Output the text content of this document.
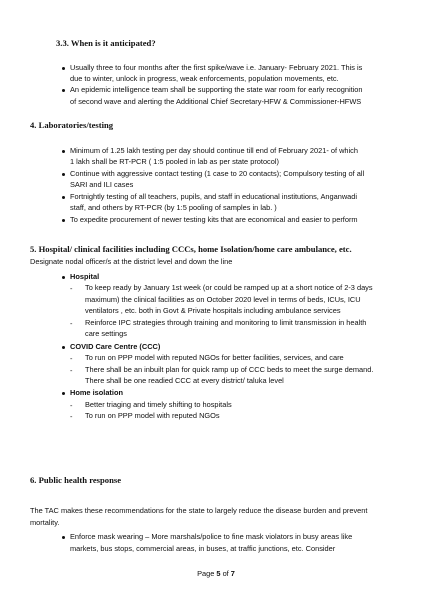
3.3. When is it anticipated?
Usually three to four months after the first spike/wave i.e. January- February 2021. This is
due to winter, unlock in progress, weak enforcements, population movements, etc.
An epidemic intelligence team shall be supporting the state war room for early recognition
of second wave and alerting the Additional Chief Secretary-HFW & Commissioner-HFWS
4. Laboratories/testing
Minimum of 1.25 lakh testing per day should continue till end of February 2021- of which
1 lakh shall be RT-PCR ( 1:5 pooled in lab as per state protocol)
Continue with aggressive contact testing (1 case to 20 contacts); Compulsory testing of all
SARI and ILI cases
Fortnightly testing of all teachers, pupils, and staff in educational institutions, Anganwadi
staff, and others by RT-PCR (by 1:5 pooling of samples in lab. )
To expedite procurement of newer testing kits that are economical and easier to perform
5. Hospital/ clinical facilities including CCCs, home Isolation/home care ambulance, etc.
Designate nodal officer/s at the district level and down the line
Hospital
- To keep ready by January 1st week (or could be ramped up at a short notice of 2-3 days
maximum) the clinical facilities as on October 2020 level in terms of beds, ICUs, ICU
ventilators , etc. both in Govt & Private hospitals including ambulance services
- Reinforce IPC strategies through training and monitoring to limit transmission in health
care settings
COVID Care Centre (CCC)
- To run on PPP model with reputed NGOs for better facilities, services, and care
- There shall be an inbuilt plan for quick ramp up of CCC beds to meet the surge demand.
There shall be one readied CCC at every district/ taluka level
Home isolation
- Better triaging and timely shifting to hospitals
- To run on PPP model with reputed NGOs
6. Public health response
The TAC makes these recommendations for the state to largely reduce the disease burden and prevent
mortality.
Enforce mask wearing – More marshals/police to fine mask violators in busy areas like
markets, bus stops, commercial areas, in buses, at traffic junctions, etc. Consider
Page 5 of 7
